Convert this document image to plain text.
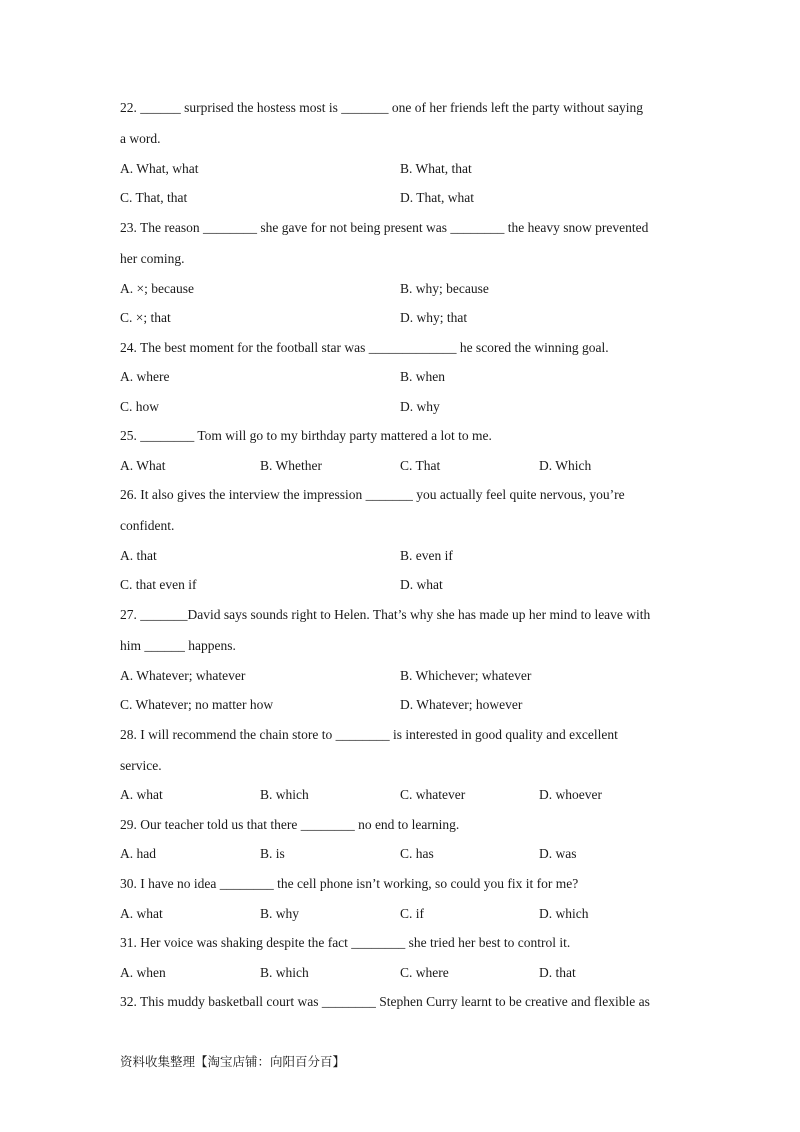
22. ______ surprised the hostess most is _______ one of her friends left the party without saying
a word.
A. What, what	B. What, that
C. That, that	D. That, what
23. The reason ________ she gave for not being present was ________ the heavy snow prevented
her coming.
A. ×; because	B. why; because
C. ×; that	D. why; that
24. The best moment for the football star was _____________ he scored the winning goal.
A. where	B. when
C. how	D. why
25. ________ Tom will go to my birthday party mattered a lot to me.
A. What	B. Whether	C. That	D. Which
26. It also gives the interview the impression _______ you actually feel quite nervous, you’re
confident.
A. that	B. even if
C. that even if	D. what
27. _______David says sounds right to Helen. That’s why she has made up her mind to leave with
him ______ happens.
A. Whatever; whatever	B. Whichever; whatever
C. Whatever; no matter how	D. Whatever; however
28. I will recommend the chain store to ________ is interested in good quality and excellent
service.
A. what	B. which	C. whatever	D. whoever
29. Our teacher told us that there ________ no end to learning.
A. had	B. is	C. has	D. was
30. I have no idea ________ the cell phone isn’t working, so could you fix it for me?
A. what	B. why	C. if	D. which
31. Her voice was shaking despite the fact ________ she tried her best to control it.
A. when	B. which	C. where	D. that
32. This muddy basketball court was ________ Stephen Curry learnt to be creative and flexible as
资料收集整理【淘宝店铺：向阳百分百】
